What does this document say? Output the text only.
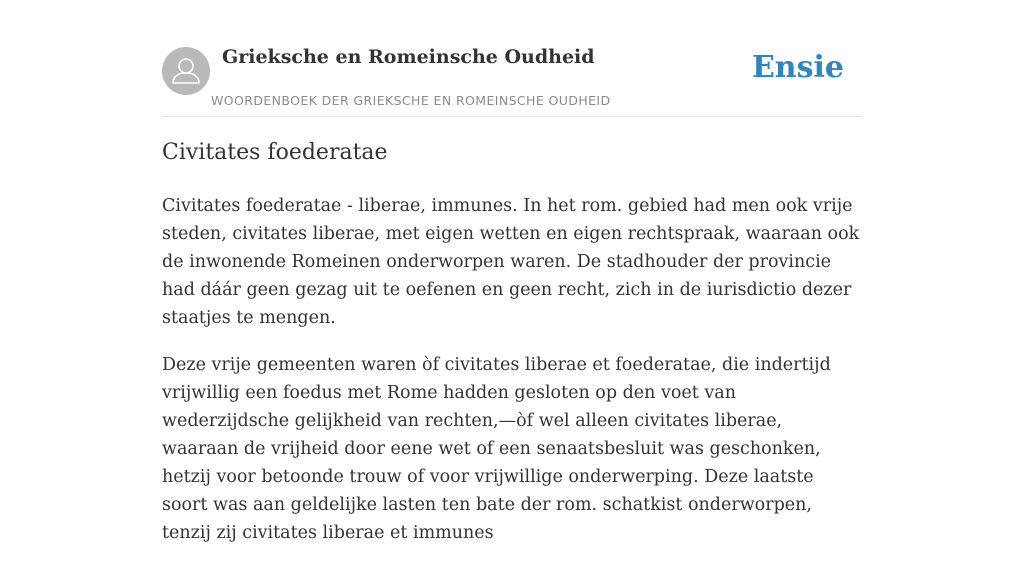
Grieksche en Romeinsche Oudheid
WOORDENBOEK DER GRIEKSCHE EN ROMEINSCHE OUDHEID
Ensie
Civitates foederatae

Civitates foederatae - liberae, immunes. In het rom. gebied had men ook vrije steden, civitates liberae, met eigen wetten en eigen rechtspraak, waaraan ook de inwonende Romeinen onderworpen waren. De stadhouder der provincie had dáár geen gezag uit te oefenen en geen recht, zich in de iurisdictio dezer staatjes te mengen.

Deze vrije gemeenten waren òf civitates liberae et foederatae, die indertijd vrijwillig een foedus met Rome hadden gesloten op den voet van wederzijdsche gelijkheid van rechten,—òf wel alleen civitates liberae, waaraan de vrijheid door eene wet of een senaatsbesluit was geschonken, hetzij voor betoonde trouw of voor vrijwillige onderwerping. Deze laatste soort was aan geldelijke lasten ten bate der rom. schatkist onderworpen, tenzij zij civitates liberae et immunes
